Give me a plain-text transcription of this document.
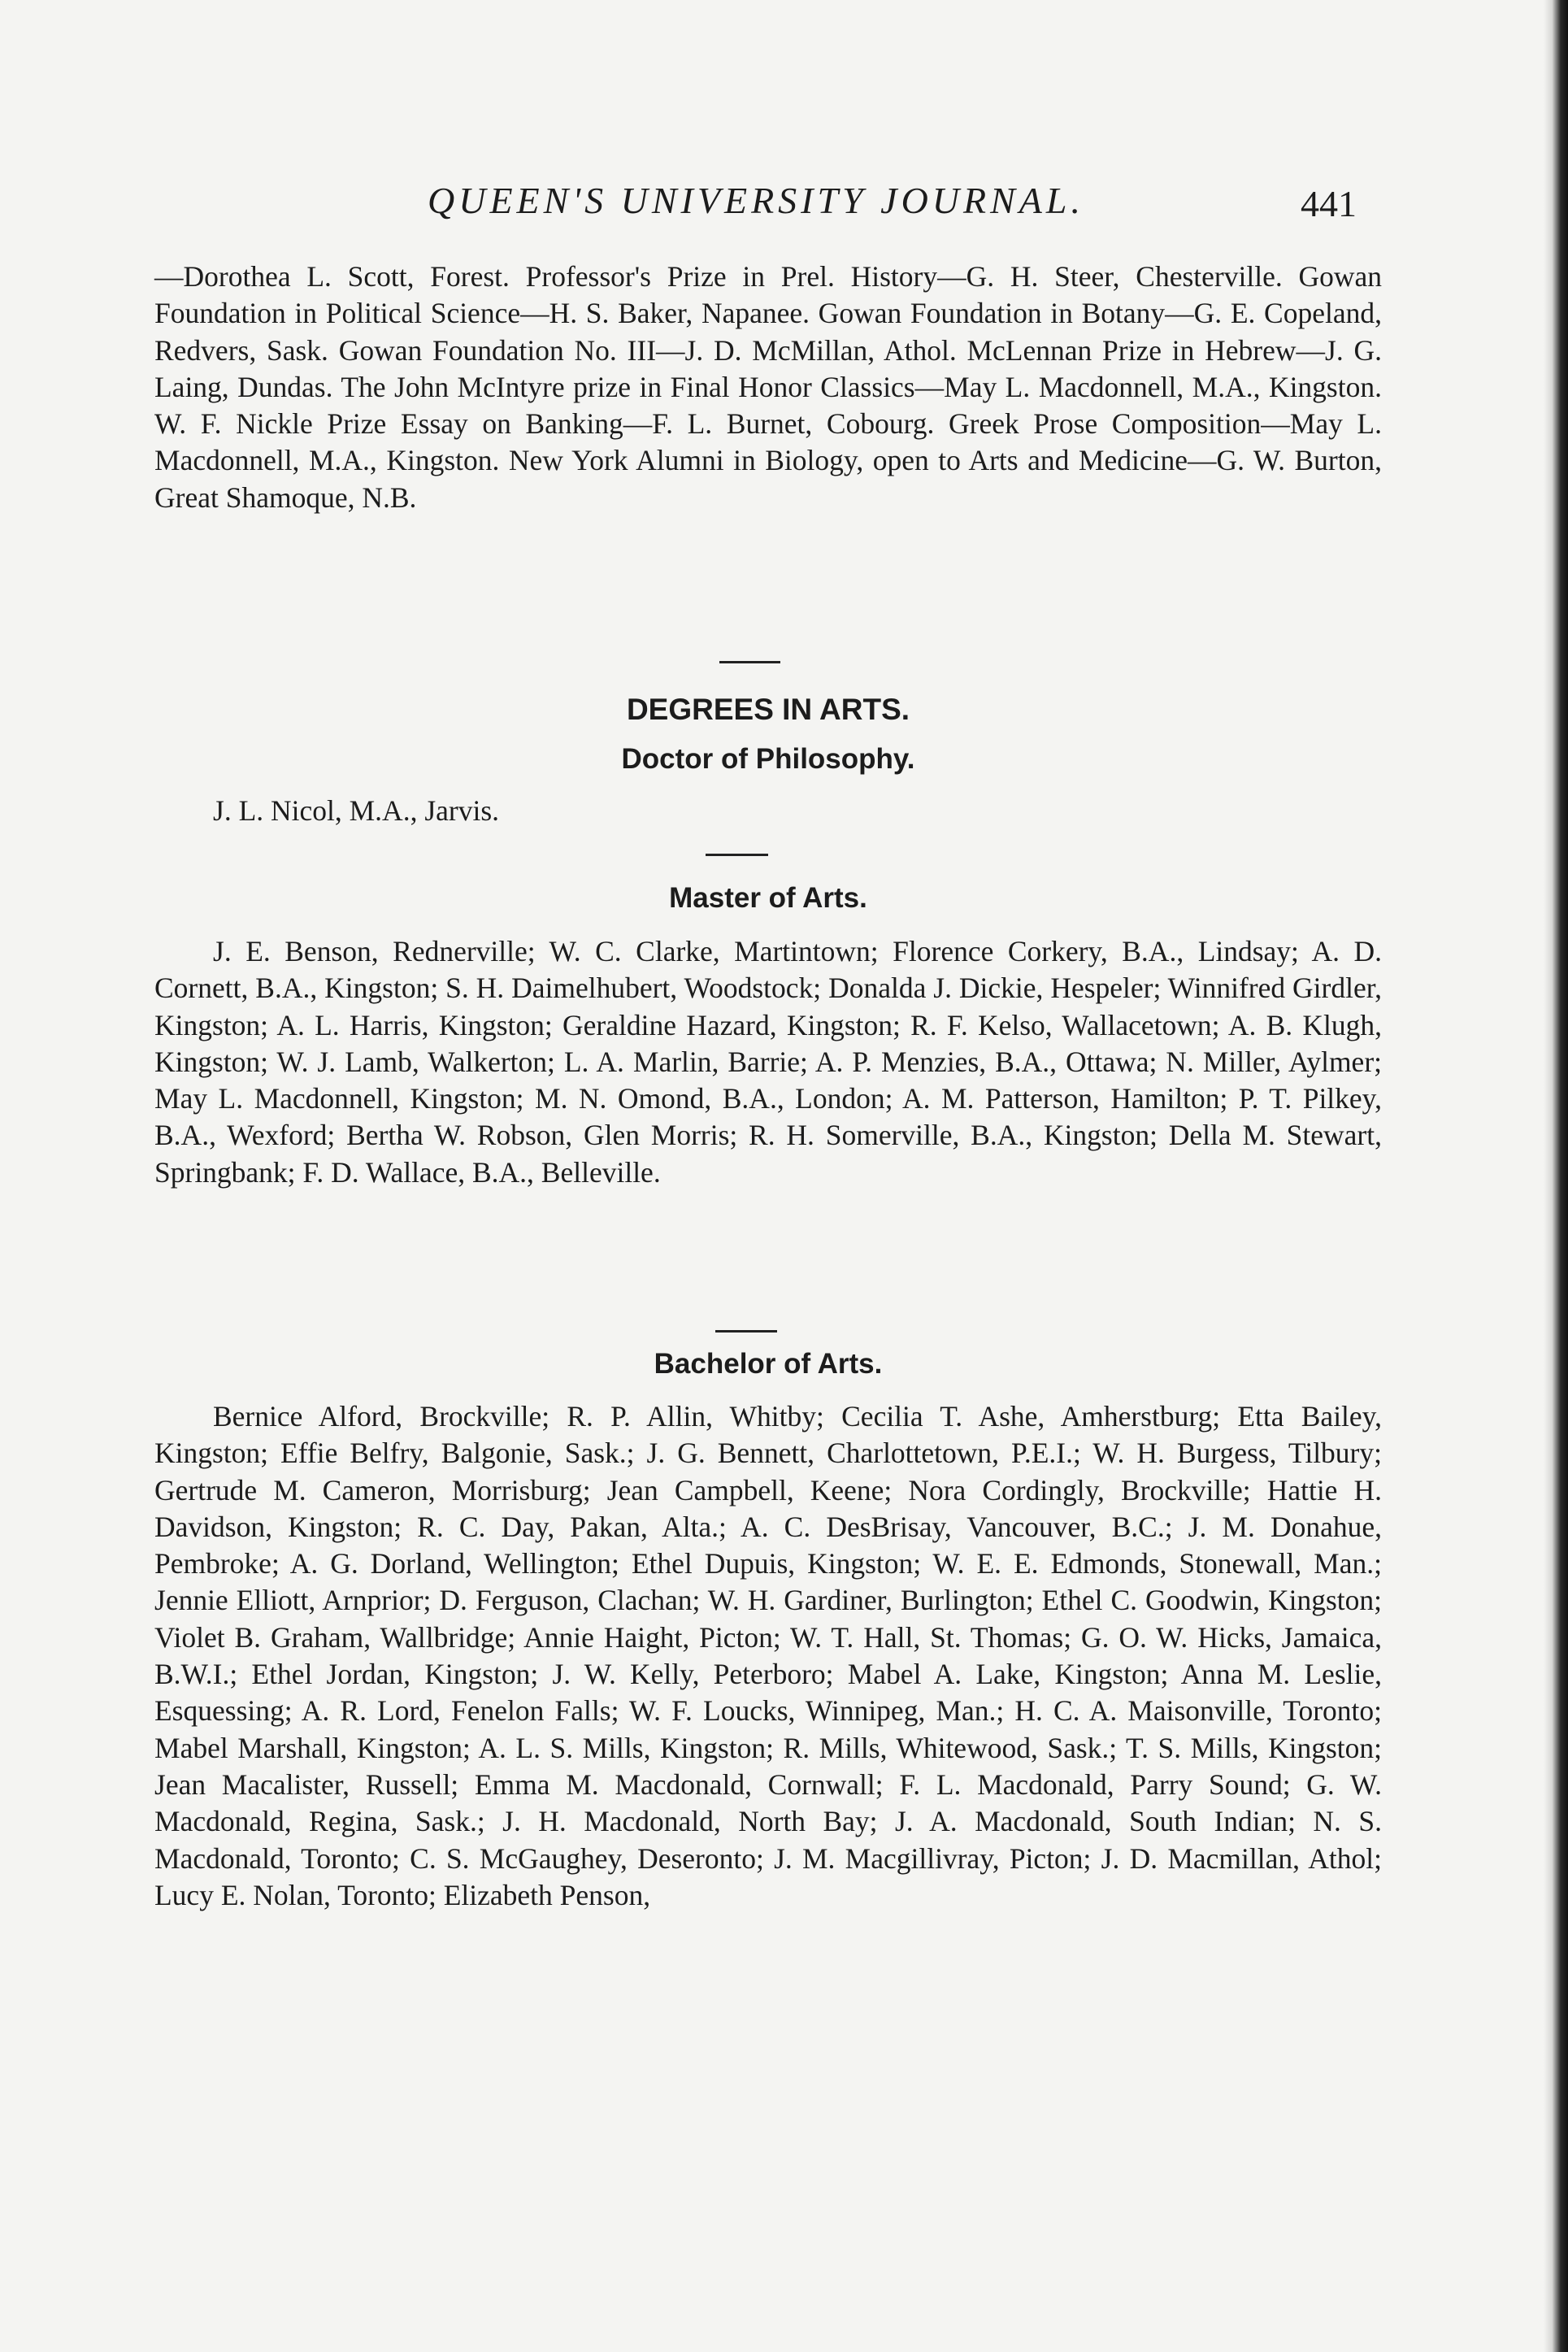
QUEEN'S UNIVERSITY JOURNAL.	441

—Dorothea L. Scott, Forest. Professor's Prize in Prel. History—G. H. Steer, Chesterville. Gowan Foundation in Political Science—H. S. Baker, Napanee. Gowan Foundation in Botany—G. E. Copeland, Redvers, Sask. Gowan Foundation No. III—J. D. McMillan, Athol. McLennan Prize in Hebrew—J. G. Laing, Dundas. The John McIntyre prize in Final Honor Classics—May L. Macdonnell, M.A., Kingston. W. F. Nickle Prize Essay on Banking—F. L. Burnet, Cobourg. Greek Prose Composition—May L. Macdonnell, M.A., Kingston. New York Alumni in Biology, open to Arts and Medicine—G. W. Burton, Great Shamoque, N.B.

DEGREES IN ARTS.
Doctor of Philosophy.

J. L. Nicol, M.A., Jarvis.

Master of Arts.

J. E. Benson, Rednerville; W. C. Clarke, Martintown; Florence Corkery, B.A., Lindsay; A. D. Cornett, B.A., Kingston; S. H. Daimelhubert, Woodstock; Donalda J. Dickie, Hespeler; Winnifred Girdler, Kingston; A. L. Harris, Kingston; Geraldine Hazard, Kingston; R. F. Kelso, Wallacetown; A. B. Klugh, Kingston; W. J. Lamb, Walkerton; L. A. Marlin, Barrie; A. P. Menzies, B.A., Ottawa; N. Miller, Aylmer; May L. Macdonnell, Kingston; M. N. Omond, B.A., London; A. M. Patterson, Hamilton; P. T. Pilkey, B.A., Wexford; Bertha W. Robson, Glen Morris; R. H. Somerville, B.A., Kingston; Della M. Stewart, Springbank; F. D. Wallace, B.A., Belleville.

Bachelor of Arts.

Bernice Alford, Brockville; R. P. Allin, Whitby; Cecilia T. Ashe, Amherstburg; Etta Bailey, Kingston; Effie Belfry, Balgonie, Sask.; J. G. Bennett, Charlottetown, P.E.I.; W. H. Burgess, Tilbury; Gertrude M. Cameron, Morrisburg; Jean Campbell, Keene; Nora Cordingly, Brockville; Hattie H. Davidson, Kingston; R. C. Day, Pakan, Alta.; A. C. DesBrisay, Vancouver, B.C.; J. M. Donahue, Pembroke; A. G. Dorland, Wellington; Ethel Dupuis, Kingston; W. E. E. Edmonds, Stonewall, Man.; Jennie Elliott, Arnprior; D. Ferguson, Clachan; W. H. Gardiner, Burlington; Ethel C. Goodwin, Kingston; Violet B. Graham, Wallbridge; Annie Haight, Picton; W. T. Hall, St. Thomas; G. O. W. Hicks, Jamaica, B.W.I.; Ethel Jordan, Kingston; J. W. Kelly, Peterboro; Mabel A. Lake, Kingston; Anna M. Leslie, Esquessing; A. R. Lord, Fenelon Falls; W. F. Loucks, Winnipeg, Man.; H. C. A. Maisonville, Toronto; Mabel Marshall, Kingston; A. L. S. Mills, Kingston; R. Mills, Whitewood, Sask.; T. S. Mills, Kingston; Jean Macalister, Russell; Emma M. Macdonald, Cornwall; F. L. Macdonald, Parry Sound; G. W. Macdonald, Regina, Sask.; J. H. Macdonald, North Bay; J. A. Macdonald, South Indian; N. S. Macdonald, Toronto; C. S. McGaughey, Deseronto; J. M. Macgillivray, Picton; J. D. Macmillan, Athol; Lucy E. Nolan, Toronto; Elizabeth Penson,
